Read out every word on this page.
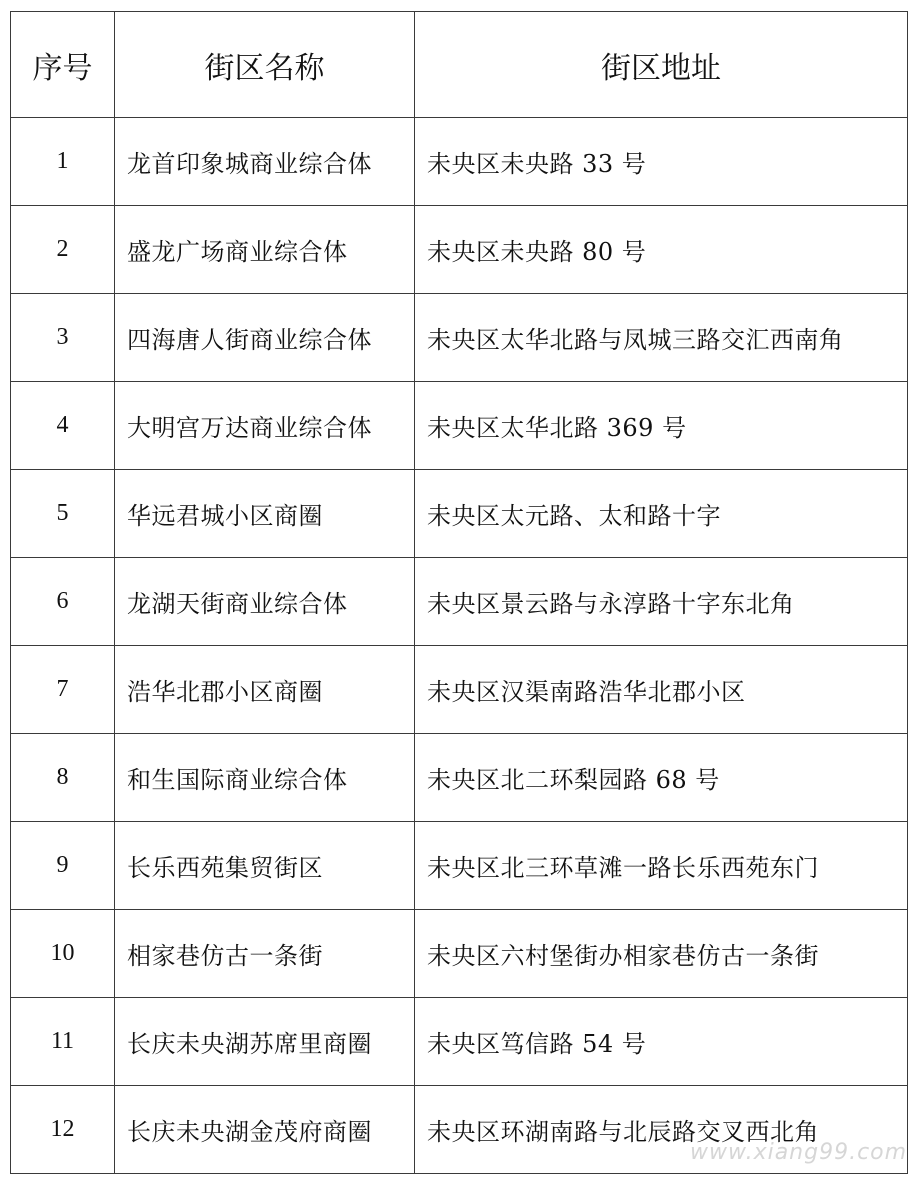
序号	街区名称	街区地址
1	龙首印象城商业综合体	未央区未央路 33 号
2	盛龙广场商业综合体	未央区未央路 80 号
3	四海唐人街商业综合体	未央区太华北路与凤城三路交汇西南角
4	大明宫万达商业综合体	未央区太华北路 369 号
5	华远君城小区商圈	未央区太元路、太和路十字
6	龙湖天街商业综合体	未央区景云路与永淳路十字东北角
7	浩华北郡小区商圈	未央区汉渠南路浩华北郡小区
8	和生国际商业综合体	未央区北二环梨园路 68 号
9	长乐西苑集贸街区	未央区北三环草滩一路长乐西苑东门
10	相家巷仿古一条街	未央区六村堡街办相家巷仿古一条街
11	长庆未央湖苏席里商圈	未央区笃信路 54 号
12	长庆未央湖金茂府商圈	未央区环湖南路与北辰路交叉西北角
www.xiang99.com
